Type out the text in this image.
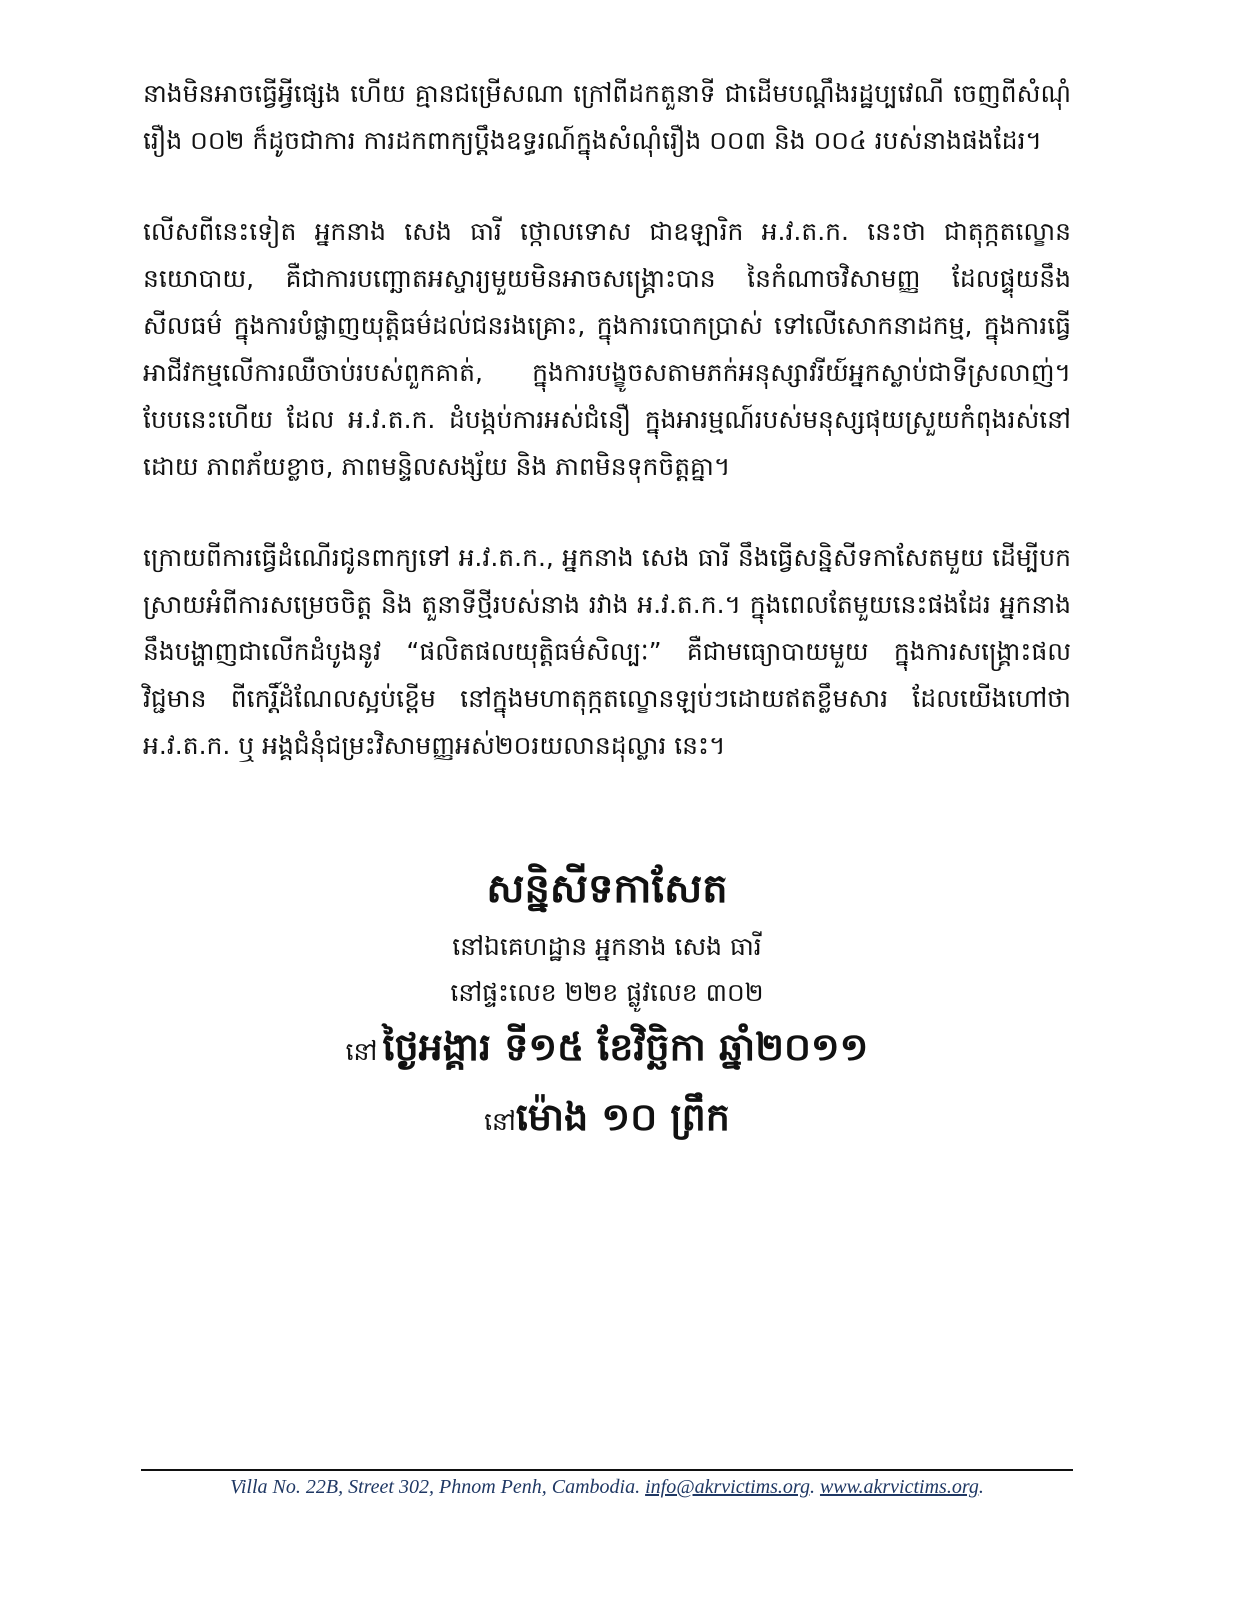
នាងមិនអាចធ្វើអ្វីផ្សេង ហើយ គ្មានជម្រើសណា ក្រៅពីដកតួនាទី ជាដើមបណ្ដឹងរដ្ឋប្បវេណី ចេញពីសំណុំរឿង ០០២ ក៏ដូចជាការ ការដកពាក្យប្ដឹងឧទ្ធរណ៍ក្នុងសំណុំរឿង ០០៣ និង ០០៤ របស់នាងផងដែរ។

លើសពីនេះទៀត អ្នកនាង សេង ធារី ថ្កោលទោស ជាឧឡារិក អ.វ.ត.ក. នេះថា ជាតុក្កតល្ខោននយោបាយ, គឺជាការបញ្ឆោតអស្ចារ្យមួយមិនអាចសង្គ្រោះបាន នៃកំណាចវិសាមញ្ញ ដែលផ្ទុយនឹងសីលធម៌ ក្នុងការបំផ្លាញយុត្តិធម៌ដល់ជនរងគ្រោះ, ក្នុងការបោកប្រាស់ ទៅលើសោកនាដកម្ម, ក្នុងការធ្វើអាជីវកម្មលើការឈឺចាប់របស់ពួកគាត់, ក្នុងការបង្ខូចសតាមភក់អនុស្សាវរីយ៍អ្នកស្លាប់ជាទីស្រលាញ់។ បែបនេះហើយ ដែល អ.វ.ត.ក. ដំបង្កប់ការអស់ជំនឿ ក្នុងអារម្មណ៍របស់មនុស្សផុយស្រួយកំពុងរស់នៅដោយ ភាពភ័យខ្លាច, ភាពមន្ទិលសង្ស័យ និង ភាពមិនទុកចិត្តគ្នា។

ក្រោយពីការធ្វើដំណើរជូនពាក្យទៅ អ.វ.ត.ក., អ្នកនាង សេង ធារី នឹងធ្វើសន្និសីទកាសែតមួយ ដើម្បីបកស្រាយអំពីការសម្រេចចិត្ត និង តួនាទីថ្មីរបស់នាង រវាង អ.វ.ត.ក.។ ក្នុងពេលតែមួយនេះផងដែរ អ្នកនាង នឹងបង្ហាញជាលើកដំបូងនូវ “ផលិតផលយុត្តិធម៌សិល្បៈ” គឺជាមធ្យោបាយមួយ ក្នុងការសង្គ្រោះផលវិជ្ជមាន ពីកេរ្តិ៍ដំណែលស្អប់ខ្ពើម នៅក្នុងមហាតុក្កតល្ខោនឡប់ៗដោយឥតខ្លឹមសារ ដែលយើងហៅថា អ.វ.ត.ក. ឬ អង្គជំនុំជម្រះវិសាមញ្ញអស់២០រយលានដុល្លារ នេះ។

សន្និសីទកាសែត

នៅឯគេហដ្ឋាន អ្នកនាង សេង ធារី

នៅផ្ទះលេខ ២២ខ ផ្លូវលេខ ៣០២

នៅ ថ្ងៃអង្គារ ទី១៥ ខែវិច្ឆិកា ឆ្នាំ២០១១

នៅម៉ោង ១០ ព្រឹក

Villa No. 22B, Street 302, Phnom Penh, Cambodia. info@akrvictims.org. www.akrvictims.org.
